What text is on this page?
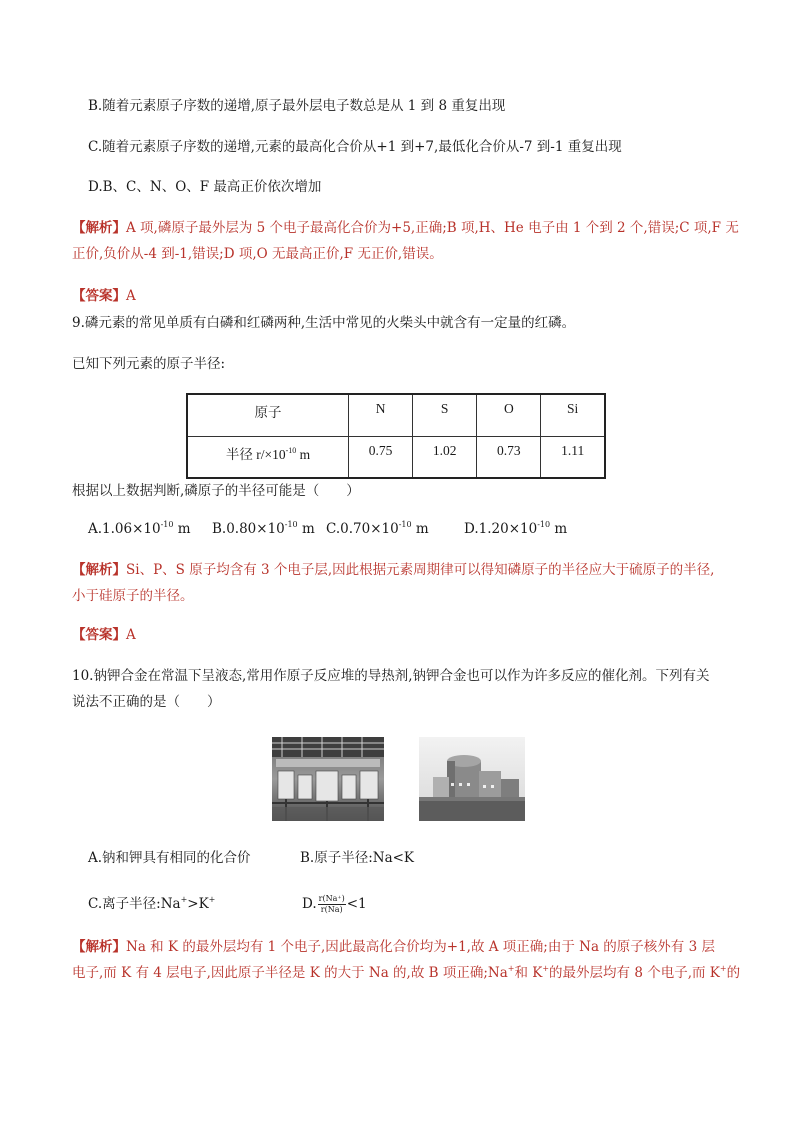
B.随着元素原子序数的递增,原子最外层电子数总是从 1 到 8 重复出现
C.随着元素原子序数的递增,元素的最高化合价从+1 到+7,最低化合价从-7 到-1 重复出现
D.B、C、N、O、F 最高正价依次增加
【解析】A 项,磷原子最外层为 5 个电子最高化合价为+5,正确;B 项,H、He 电子由 1 个到 2 个,错误;C 项,F 无
正价,负价从-4 到-1,错误;D 项,O 无最高正价,F 无正价,错误。
【答案】A
9.磷元素的常见单质有白磷和红磷两种,生活中常见的火柴头中就含有一定量的红磷。
已知下列元素的原子半径:
原子	N	S	O	Si
半径 $r/\times 10^{-10}$ m	0.75	1.02	0.73	1.11
根据以上数据判断,磷原子的半径可能是（　　）
$A.1.06\times 10^{-10}$ m $B.0.80\times 10^{-10}$ m $C.0.70\times 10^{-10}$ m	$D.1.20\times 10^{-10}$ m
【解析】Si、P、S 原子均含有 3 个电子层,因此根据元素周期律可以得知磷原子的半径应大于硫原子的半径,
小于硅原子的半径。
【答案】A
10.钠钾合金在常温下呈液态,常用作原子反应堆的导热剂,钠钾合金也可以作为许多反应的催化剂。下列有关
说法不正确的是（　　）
A.钠和钾具有相同的化合价	B.原子半径:Na<K
C.离子半径:Na+>K+	D. $\frac{r(Na^+)}{r(Na)} <1$
【解析】Na 和 K 的最外层均有 1 个电子,因此最高化合价均为+1,故 A 项正确;由于 Na 的原子核外有 3 层
电子,而 K 有 4 层电子,因此原子半径是 K 的大于 Na 的,故 B 项正确;Na+和 K+的最外层均有 8 个电子,而 K+的
